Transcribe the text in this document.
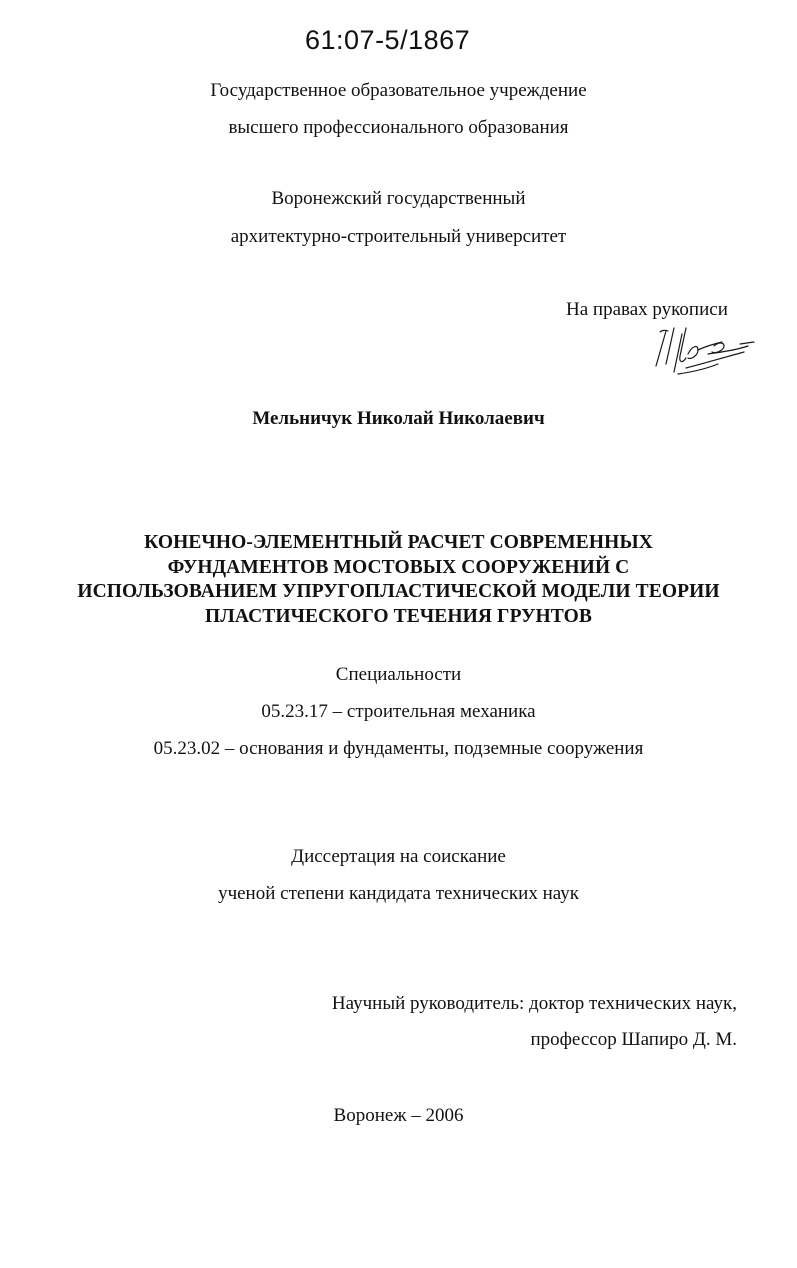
61:07-5/1867
Государственное образовательное учреждение
высшего профессионального образования
Воронежский государственный
архитектурно-строительный университет
На правах рукописи
Мельничук Николай Николаевич
КОНЕЧНО-ЭЛЕМЕНТНЫЙ РАСЧЕТ СОВРЕМЕННЫХ
ФУНДАМЕНТОВ МОСТОВЫХ СООРУЖЕНИЙ С
ИСПОЛЬЗОВАНИЕМ УПРУГОПЛАСТИЧЕСКОЙ МОДЕЛИ ТЕОРИИ
ПЛАСТИЧЕСКОГО ТЕЧЕНИЯ ГРУНТОВ
Специальности
05.23.17 – строительная механика
05.23.02 – основания и фундаменты, подземные сооружения
Диссертация на соискание
ученой степени кандидата технических наук
Научный руководитель: доктор технических наук,
профессор Шапиро Д. М.
Воронеж – 2006
